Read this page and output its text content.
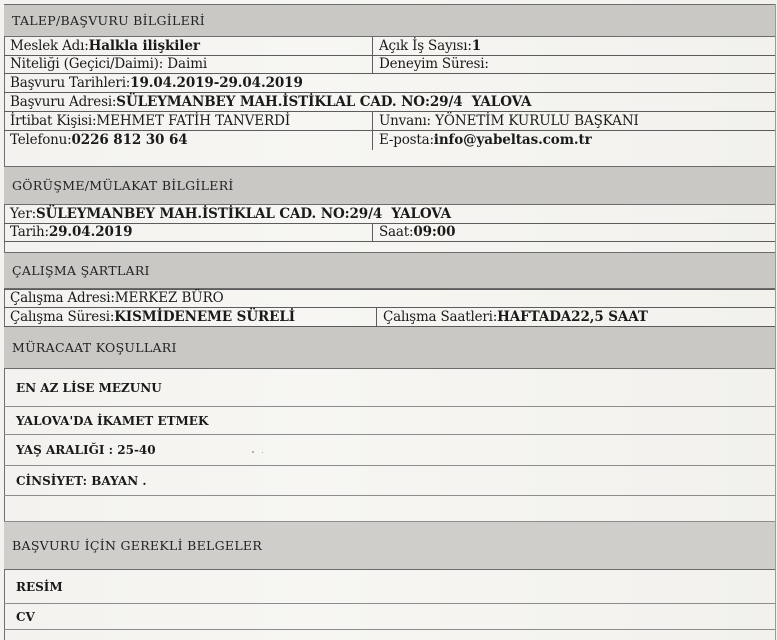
TALEP/BAŞVURU BİLGİLERİ
Meslek Adı: Halkla ilişkiler	Açık İş Sayısı: 1
Niteliği (Geçici/Daimi): Daimi	Deneyim Süresi:
Başvuru Tarihleri: 19.04.2019-29.04.2019
Başvuru Adresi: SÜLEYMANBEY MAH.İSTİKLAL CAD. NO:29/4  YALOVA
İrtibat Kişisi: MEHMET FATİH TANVERDİ	Unvanı: YÖNETİM KURULU BAŞKANI
Telefonu: 0226 812 30 64	E-posta: info@yabeltas.com.tr
GÖRÜŞME/MÜLAKAT BİLGİLERİ
Yer: SÜLEYMANBEY MAH.İSTİKLAL CAD. NO:29/4  YALOVA
Tarih: 29.04.2019	Saat: 09:00
ÇALIŞMA ŞARTLARI
Çalışma Adresi: MERKEZ BÜRO
Çalışma Süresi: KISMİDENEME SÜRELİ	Çalışma Saatleri: HAFTADA22,5 SAAT
MÜRACAAT KOŞULLARI
EN AZ LİSE MEZUNU
YALOVA'DA İKAMET ETMEK
YAŞ ARALIĞI : 25-40
CİNSİYET: BAYAN .
BAŞVURU İÇİN GEREKLİ BELGELER
RESİM
CV
